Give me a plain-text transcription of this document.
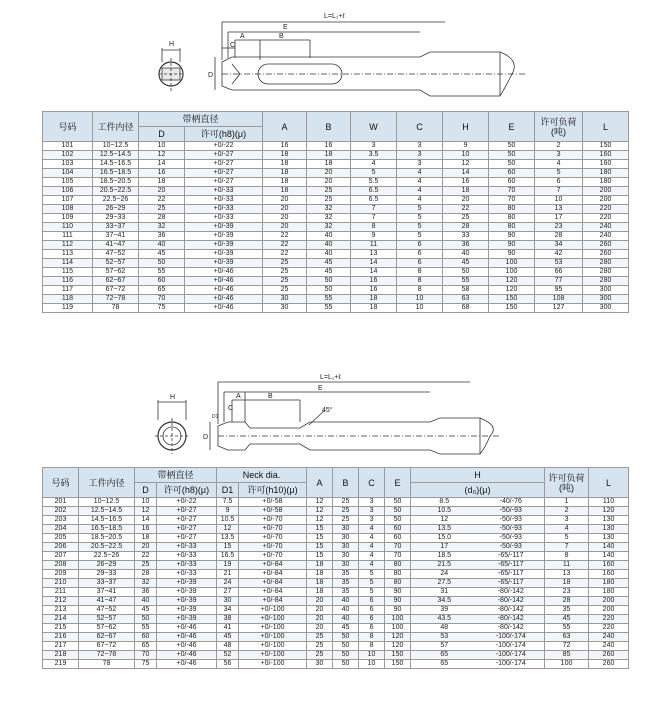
L=L₁+ℓ
E
B
C
A
H
D
号码	工件内径	带柄直径		A	B	W	C	H	E	许可负荷(吨)	L
		D	许可(h8)(μ)								
101	10~12.5	10	+0/-22	16	16	3	3	9	50	2	150
102	12.5~14.5	12	+0/-27	18	18	3.5	3	10	50	3	160
103	14.5~16.5	14	+0/-27	18	18	4	3	12	50	4	160
104	16.5~18.5	16	+0/-27	18	20	5	4	14	60	5	180
105	18.5~20.5	18	+0/-27	18	20	5.5	4	16	60	6	180
106	20.5~22.5	20	+0/-33	18	25	6.5	4	18	70	7	200
107	22.5~26	22	+0/-33	20	25	6.5	4	20	70	10	200
108	26~29	25	+0/-33	20	32	7	5	22	80	13	220
109	29~33	28	+0/-33	20	32	7	5	25	80	17	220
110	33~37	32	+0/-39	20	32	8	5	28	80	23	240
111	37~41	36	+0/-39	22	40	9	5	33	90	28	240
112	41~47	40	+0/-39	22	40	11	6	36	90	34	260
113	47~52	45	+0/-39	22	40	13	6	40	90	42	260
114	52~57	50	+0/-39	25	45	14	6	45	100	53	280
115	57~62	55	+0/-46	25	45	14	8	50	100	66	280
116	62~67	60	+0/-46	25	50	16	8	55	120	77	280
117	67~72	65	+0/-46	25	50	16	8	58	120	95	300
118	72~78	70	+0/-46	30	55	18	10	63	150	108	300
119	78	75	+0/-46	30	55	18	10	68	150	127	300
L=L₁+ℓ
E
B
A
C
H
D
D1
45°
号码	工件内径	带柄直径		Neck dia.		A	B	C	E	H	许可负荷(吨)	L
		D	许可(h8)(μ)	D1	许可(h10)(μ)					(d₀)(μ)		
201	10~12.5	10	+0/-22	7.5	+0/-58	12	25	3	50	8.5 -40/-76	1	110
202	12.5~14.5	12	+0/-27	9	+0/-58	12	25	3	50	10.5 -50/-93	2	120
203	14.5~16.5	14	+0/-27	10.5	+0/-70	12	25	3	50	12 -50/-93	3	130
204	16.5~18.5	16	+0/-27	12	+0/-70	15	30	4	60	13.5 -50/-93	4	130
205	18.5~20.5	18	+0/-27	13.5	+0/-70	15	30	4	60	15.0 -50/-93	5	130
206	20.5~22.5	20	+0/-33	15	+0/-70	15	30	4	70	17 -50/-93	7	140
207	22.5~26	22	+0/-33	16.5	+0/-70	15	30	4	70	18.5 -65/-117	8	140
208	26~29	25	+0/-33	19	+0/-84	18	30	4	80	21.5 -65/-117	11	160
209	29~33	28	+0/-33	21	+0/-84	18	35	5	80	24 -65/-117	13	160
210	33~37	32	+0/-39	24	+0/-84	18	35	5	80	27.5 -65/-117	18	180
211	37~41	36	+0/-39	27	+0/-84	18	35	5	90	31 -80/-142	23	180
212	41~47	40	+0/-39	30	+0/-84	20	40	6	90	34.5 -80/-142	28	200
213	47~52	45	+0/-39	34	+0/-100	20	40	6	90	39 -80/-142	35	200
214	52~57	50	+0/-39	38	+0/-100	20	40	6	100	43.5 -80/-142	45	220
215	57~62	55	+0/-46	41	+0/-100	20	45	6	100	48 -80/-142	55	220
216	62~67	60	+0/-46	45	+0/-100	25	50	8	120	53 -100/-174	63	240
217	67~72	65	+0/-46	48	+0/-100	25	50	8	120	57 -100/-174	72	240
218	72~78	70	+0/-46	52	+0/-100	25	50	10	150	65 -100/-174	85	260
219	78	75	+0/-46	56	+0/-100	30	50	10	150	65 -100/-174	100	260
